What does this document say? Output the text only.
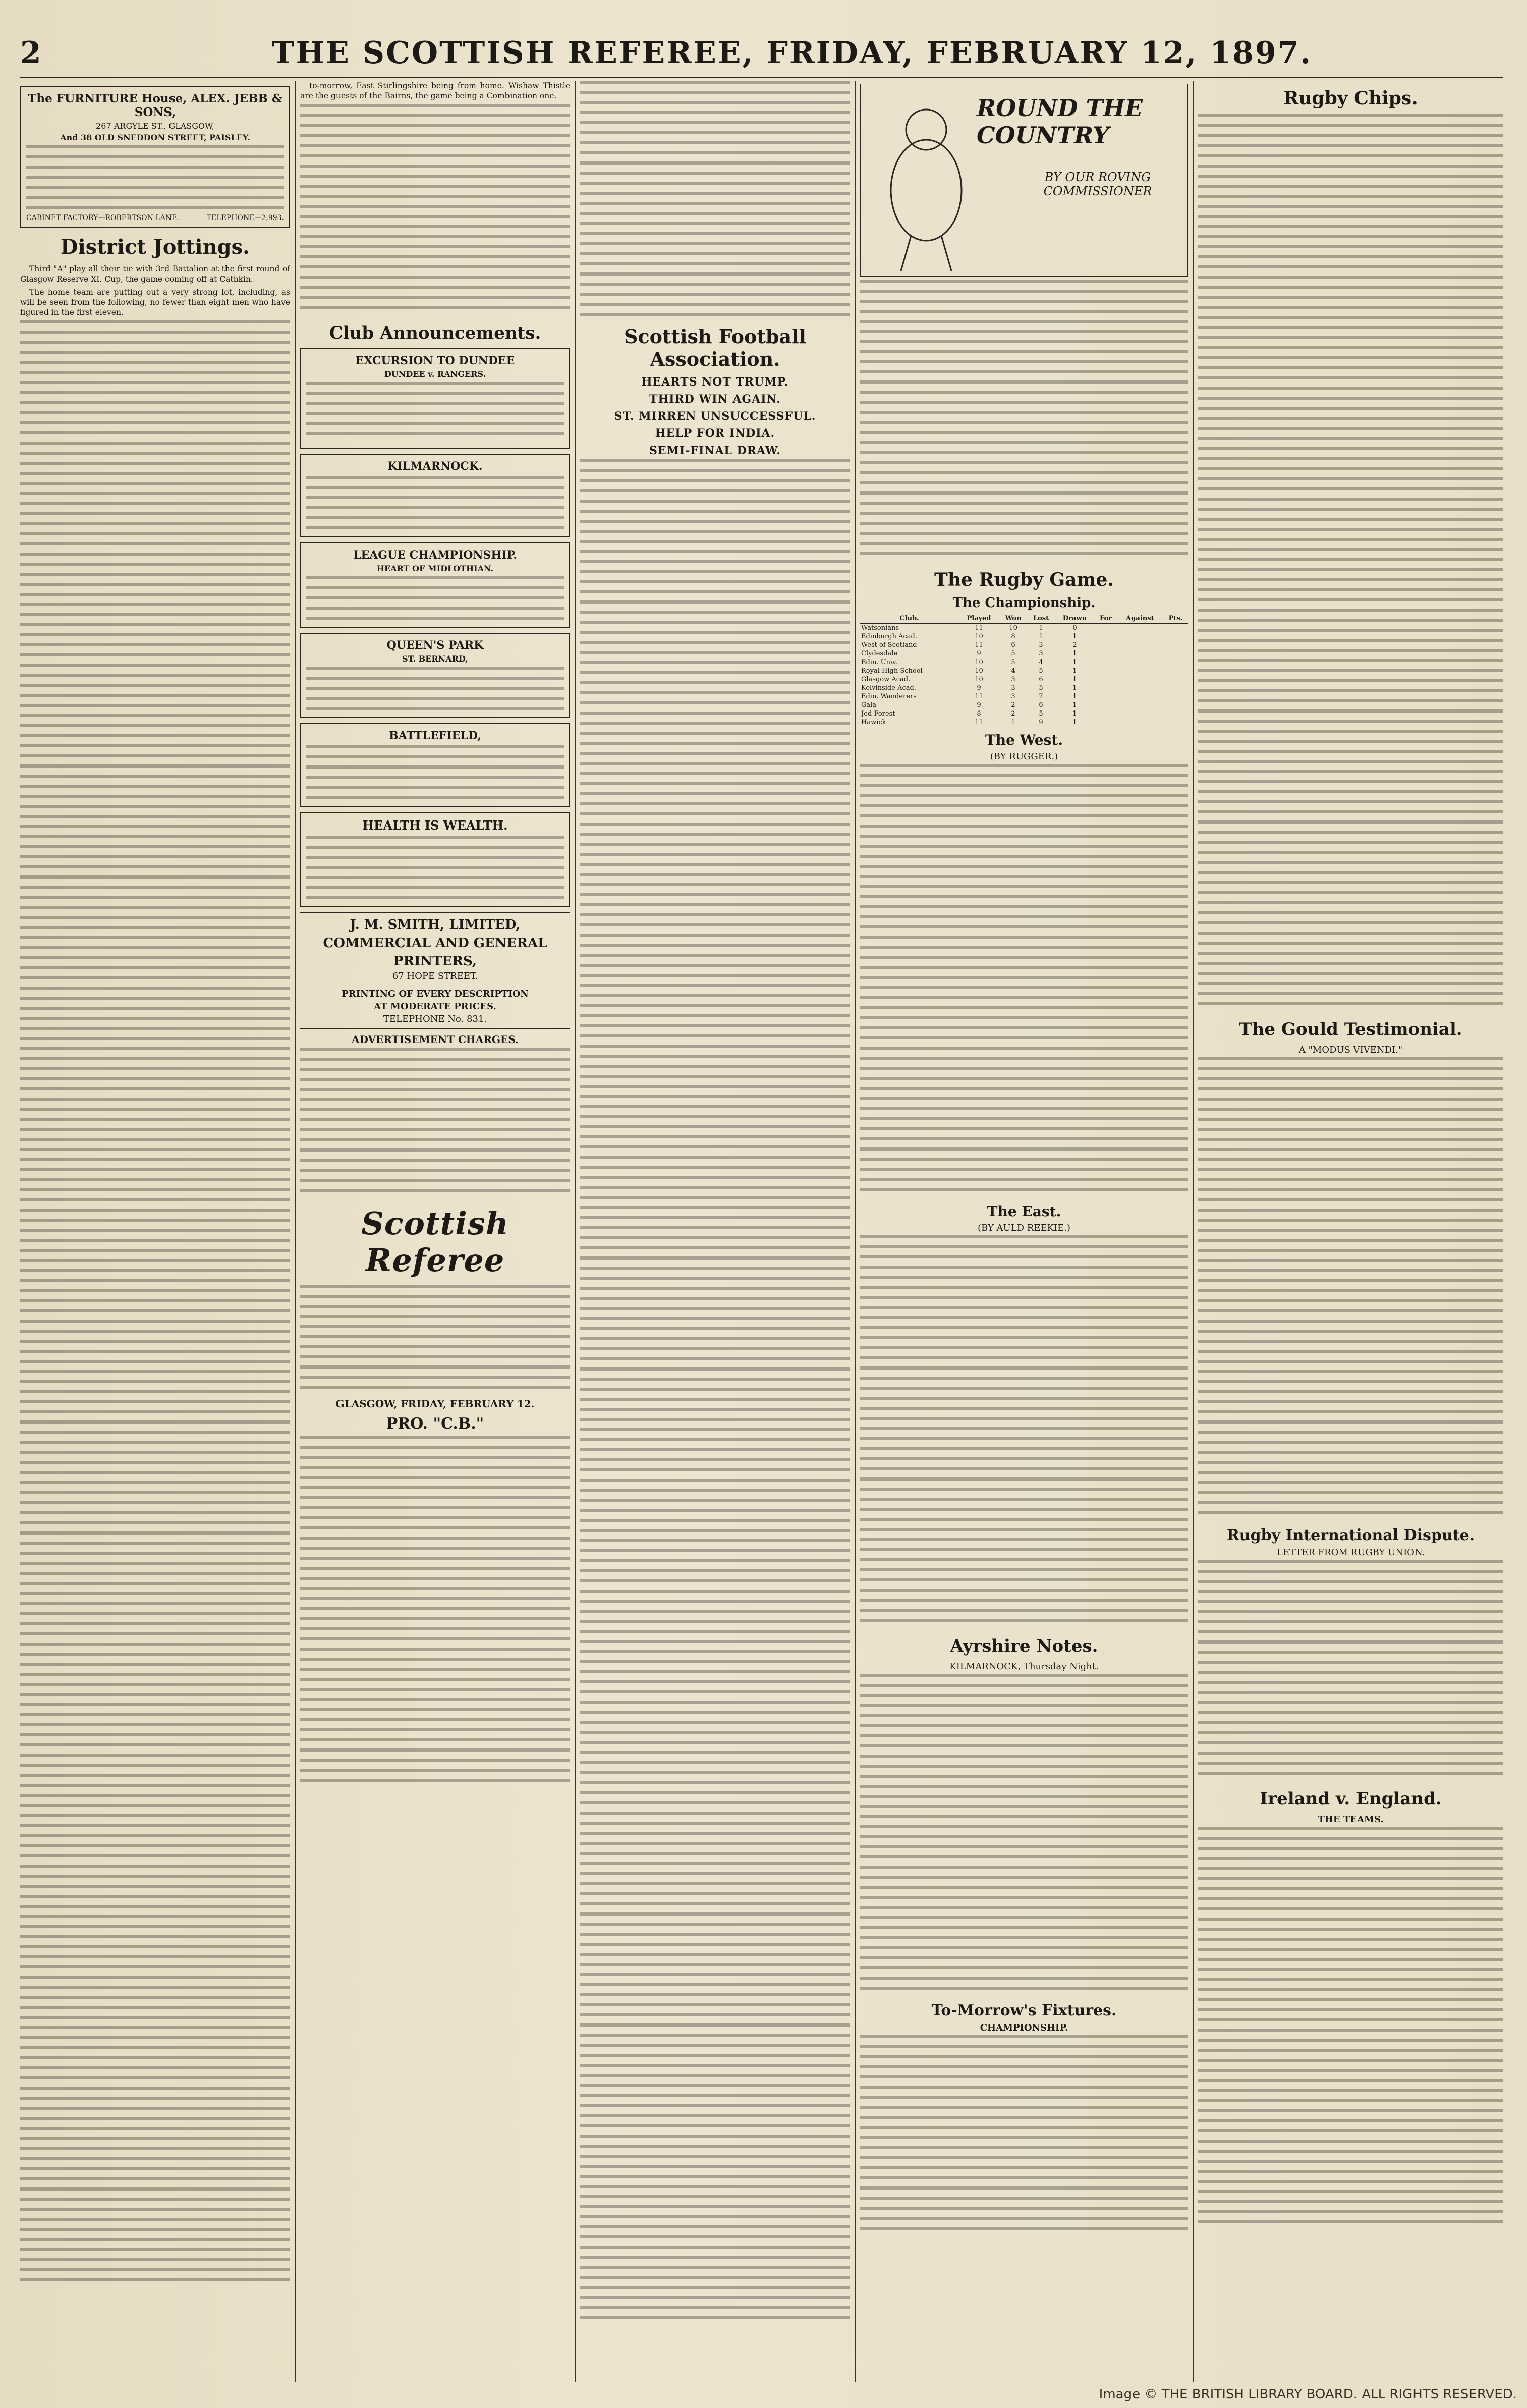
2	THE SCOTTISH REFEREE, FRIDAY, FEBRUARY 12, 1897.
The FURNITURE House, ALEX. JEBB & SONS,
267 ARGYLE ST., GLASGOW,
And 38 OLD SNEDDON STREET, PAISLEY.
CABINET FACTORY—ROBERTSON LANE.	TELEPHONE—2,993.
District Jottings.

Third "A" play all their tie with 3rd Battalion at the first round of Glasgow Reserve XI. Cup, the game coming off at Cathkin.

The home team are putting out a very strong lot, including, as will be seen from the following, no fewer than eight men who have figured in the first eleven.

to-morrow, East Stirlingshire being from home. Wishaw Thistle are the guests of the Bairns, the game being a Combination one.

Club Announcements.
EXCURSION TO DUNDEE
DUNDEE v. RANGERS.
KILMARNOCK.
LEAGUE CHAMPIONSHIP.
HEART OF MIDLOTHIAN.
QUEEN'S PARK
ST. BERNARD,
BATTLEFIELD,
HEALTH IS WEALTH.
J. M. SMITH, LIMITED,
COMMERCIAL AND GENERAL
PRINTERS,
67 HOPE STREET.
PRINTING OF EVERY DESCRIPTION
AT MODERATE PRICES.
TELEPHONE No. 831.
ADVERTISEMENT CHARGES.
Scottish Referee
GLASGOW, FRIDAY, FEBRUARY 12.
PRO. "C.B."
Scottish Football Association.
HEARTS NOT TRUMP.
THIRD WIN AGAIN.
ST. MIRREN UNSUCCESSFUL.
HELP FOR INDIA.
SEMI-FINAL DRAW.
ROUND THE COUNTRY
BY OUR ROVING COMMISSIONER
The Rugby Game.
The Championship.
Club.	Played	Won	Lost	Drawn	For	Against	Pts.
Watsonians	11	10	1	0			
Edinburgh Acad.	10	8	1	1			
West of Scotland	11	6	3	2			
Clydesdale	9	5	3	1			
Edin. Univ.	10	5	4	1			
Royal High School	10	4	5	1			
Glasgow Acad.	10	3	6	1			
Kelvinside Acad.	9	3	5	1			
Edin. Wanderers	11	3	7	1			
Gala	9	2	6	1			
Jed-Forest	8	2	5	1			
Hawick	11	1	9	1			
The West.
(BY RUGGER.)
The East.
(BY AULD REEKIE.)
Ayrshire Notes.
KILMARNOCK, Thursday Night.
To-Morrow's Fixtures.
CHAMPIONSHIP.
Rugby Chips.
The Gould Testimonial.
A "MODUS VIVENDI."
Rugby International Dispute.
LETTER FROM RUGBY UNION.
Ireland v. England.
THE TEAMS.
Image © THE BRITISH LIBRARY BOARD. ALL RIGHTS RESERVED.
